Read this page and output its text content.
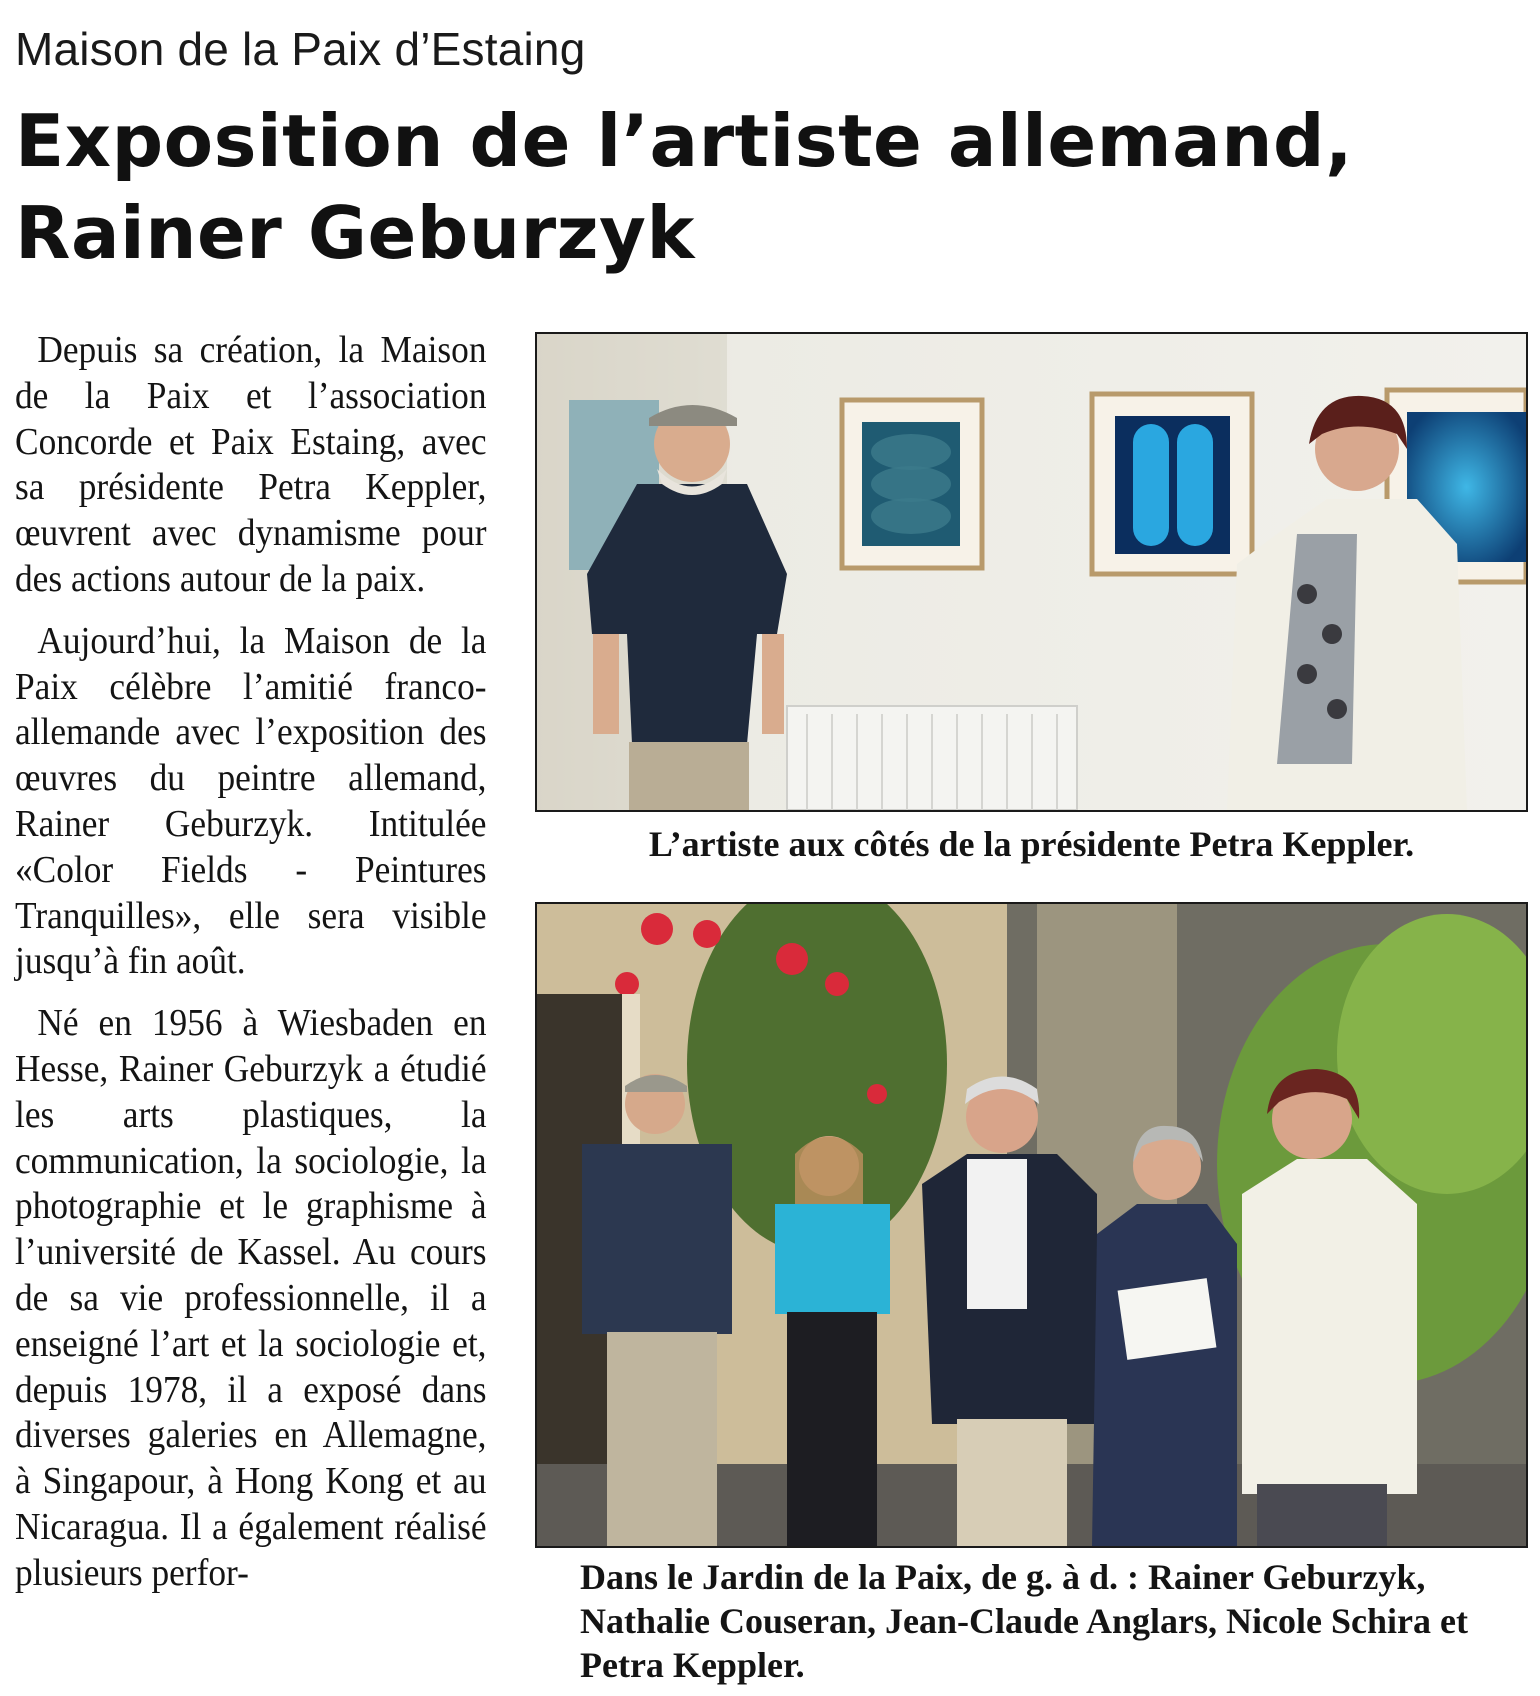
Maison de la Paix d’Estaing
Exposition de l’artiste allemand,
Rainer Geburzyk

Depuis sa création, la Maison de la Paix et l’association Concorde et Paix Estaing, avec sa présidente Petra Keppler, œuvrent avec dynamisme pour des actions autour de la paix.

Aujourd’hui, la Maison de la Paix célèbre l’amitié franco-allemande avec l’exposition des œuvres du peintre allemand, Rainer Geburzyk. Intitulée «Color Fields - Peintures Tranquilles», elle sera visible jusqu’à fin août.

Né en 1956 à Wiesbaden en Hesse, Rainer Geburzyk a étudié les arts plastiques, la communication, la sociologie, la photographie et le graphisme à l’université de Kassel. Au cours de sa vie professionnelle, il a enseigné l’art et la sociologie et, depuis 1978, il a exposé dans diverses galeries en Allemagne, à Singapour, à Hong Kong et au Nicaragua. Il a également réalisé plusieurs perfor-

L’artiste aux côtés de la présidente Petra Keppler.
Dans le Jardin de la Paix, de g. à d. : Rainer Geburzyk, Nathalie Couseran, Jean-Claude Anglars, Nicole Schira et Petra Keppler.
